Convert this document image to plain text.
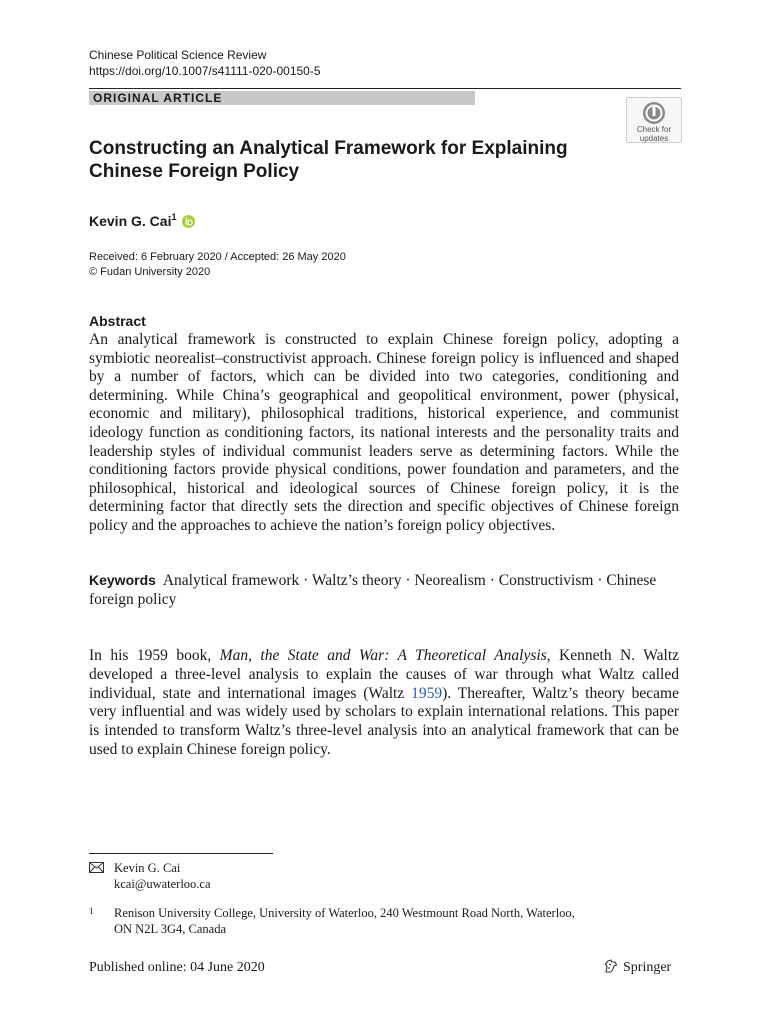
Chinese Political Science Review
https://doi.org/10.1007/s41111-020-00150-5
ORIGINAL ARTICLE
Check for
updates
Constructing an Analytical Framework for Explaining Chinese Foreign Policy
Kevin G. Cai$^1$
Received: 6 February 2020 / Accepted: 26 May 2020
© Fudan University 2020
Abstract

An analytical framework is constructed to explain Chinese foreign policy, adopting a symbiotic neorealist–constructivist approach. Chinese foreign policy is influenced and shaped by a number of factors, which can be divided into two categories, conditioning and determining. While China’s geographical and geopolitical environment, power (physical, economic and military), philosophical traditions, historical experience, and communist ideology function as conditioning factors, its national interests and the personality traits and leadership styles of individual communist leaders serve as determining factors. While the conditioning factors provide physical conditions, power foundation and parameters, and the philosophical, historical and ideological sources of Chinese foreign policy, it is the determining factor that directly sets the direction and specific objectives of Chinese foreign policy and the approaches to achieve the nation’s foreign policy objectives.

Keywords Analytical framework · Waltz’s theory · Neorealism · Constructivism · Chinese foreign policy

In his 1959 book, Man, the State and War: A Theoretical Analysis, Kenneth N. Waltz developed a three-level analysis to explain the causes of war through what Waltz called individual, state and international images (Waltz 1959). Thereafter, Waltz’s theory became very influential and was widely used by scholars to explain international relations. This paper is intended to transform Waltz’s three-level analysis into an analytical framework that can be used to explain Chinese foreign policy.

Kevin G. Cai
kcai@uwaterloo.ca
1 Renison University College, University of Waterloo, 240 Westmount Road North, Waterloo,
ON N2L 3G4, Canada
Published online: 04 June 2020	Springer
